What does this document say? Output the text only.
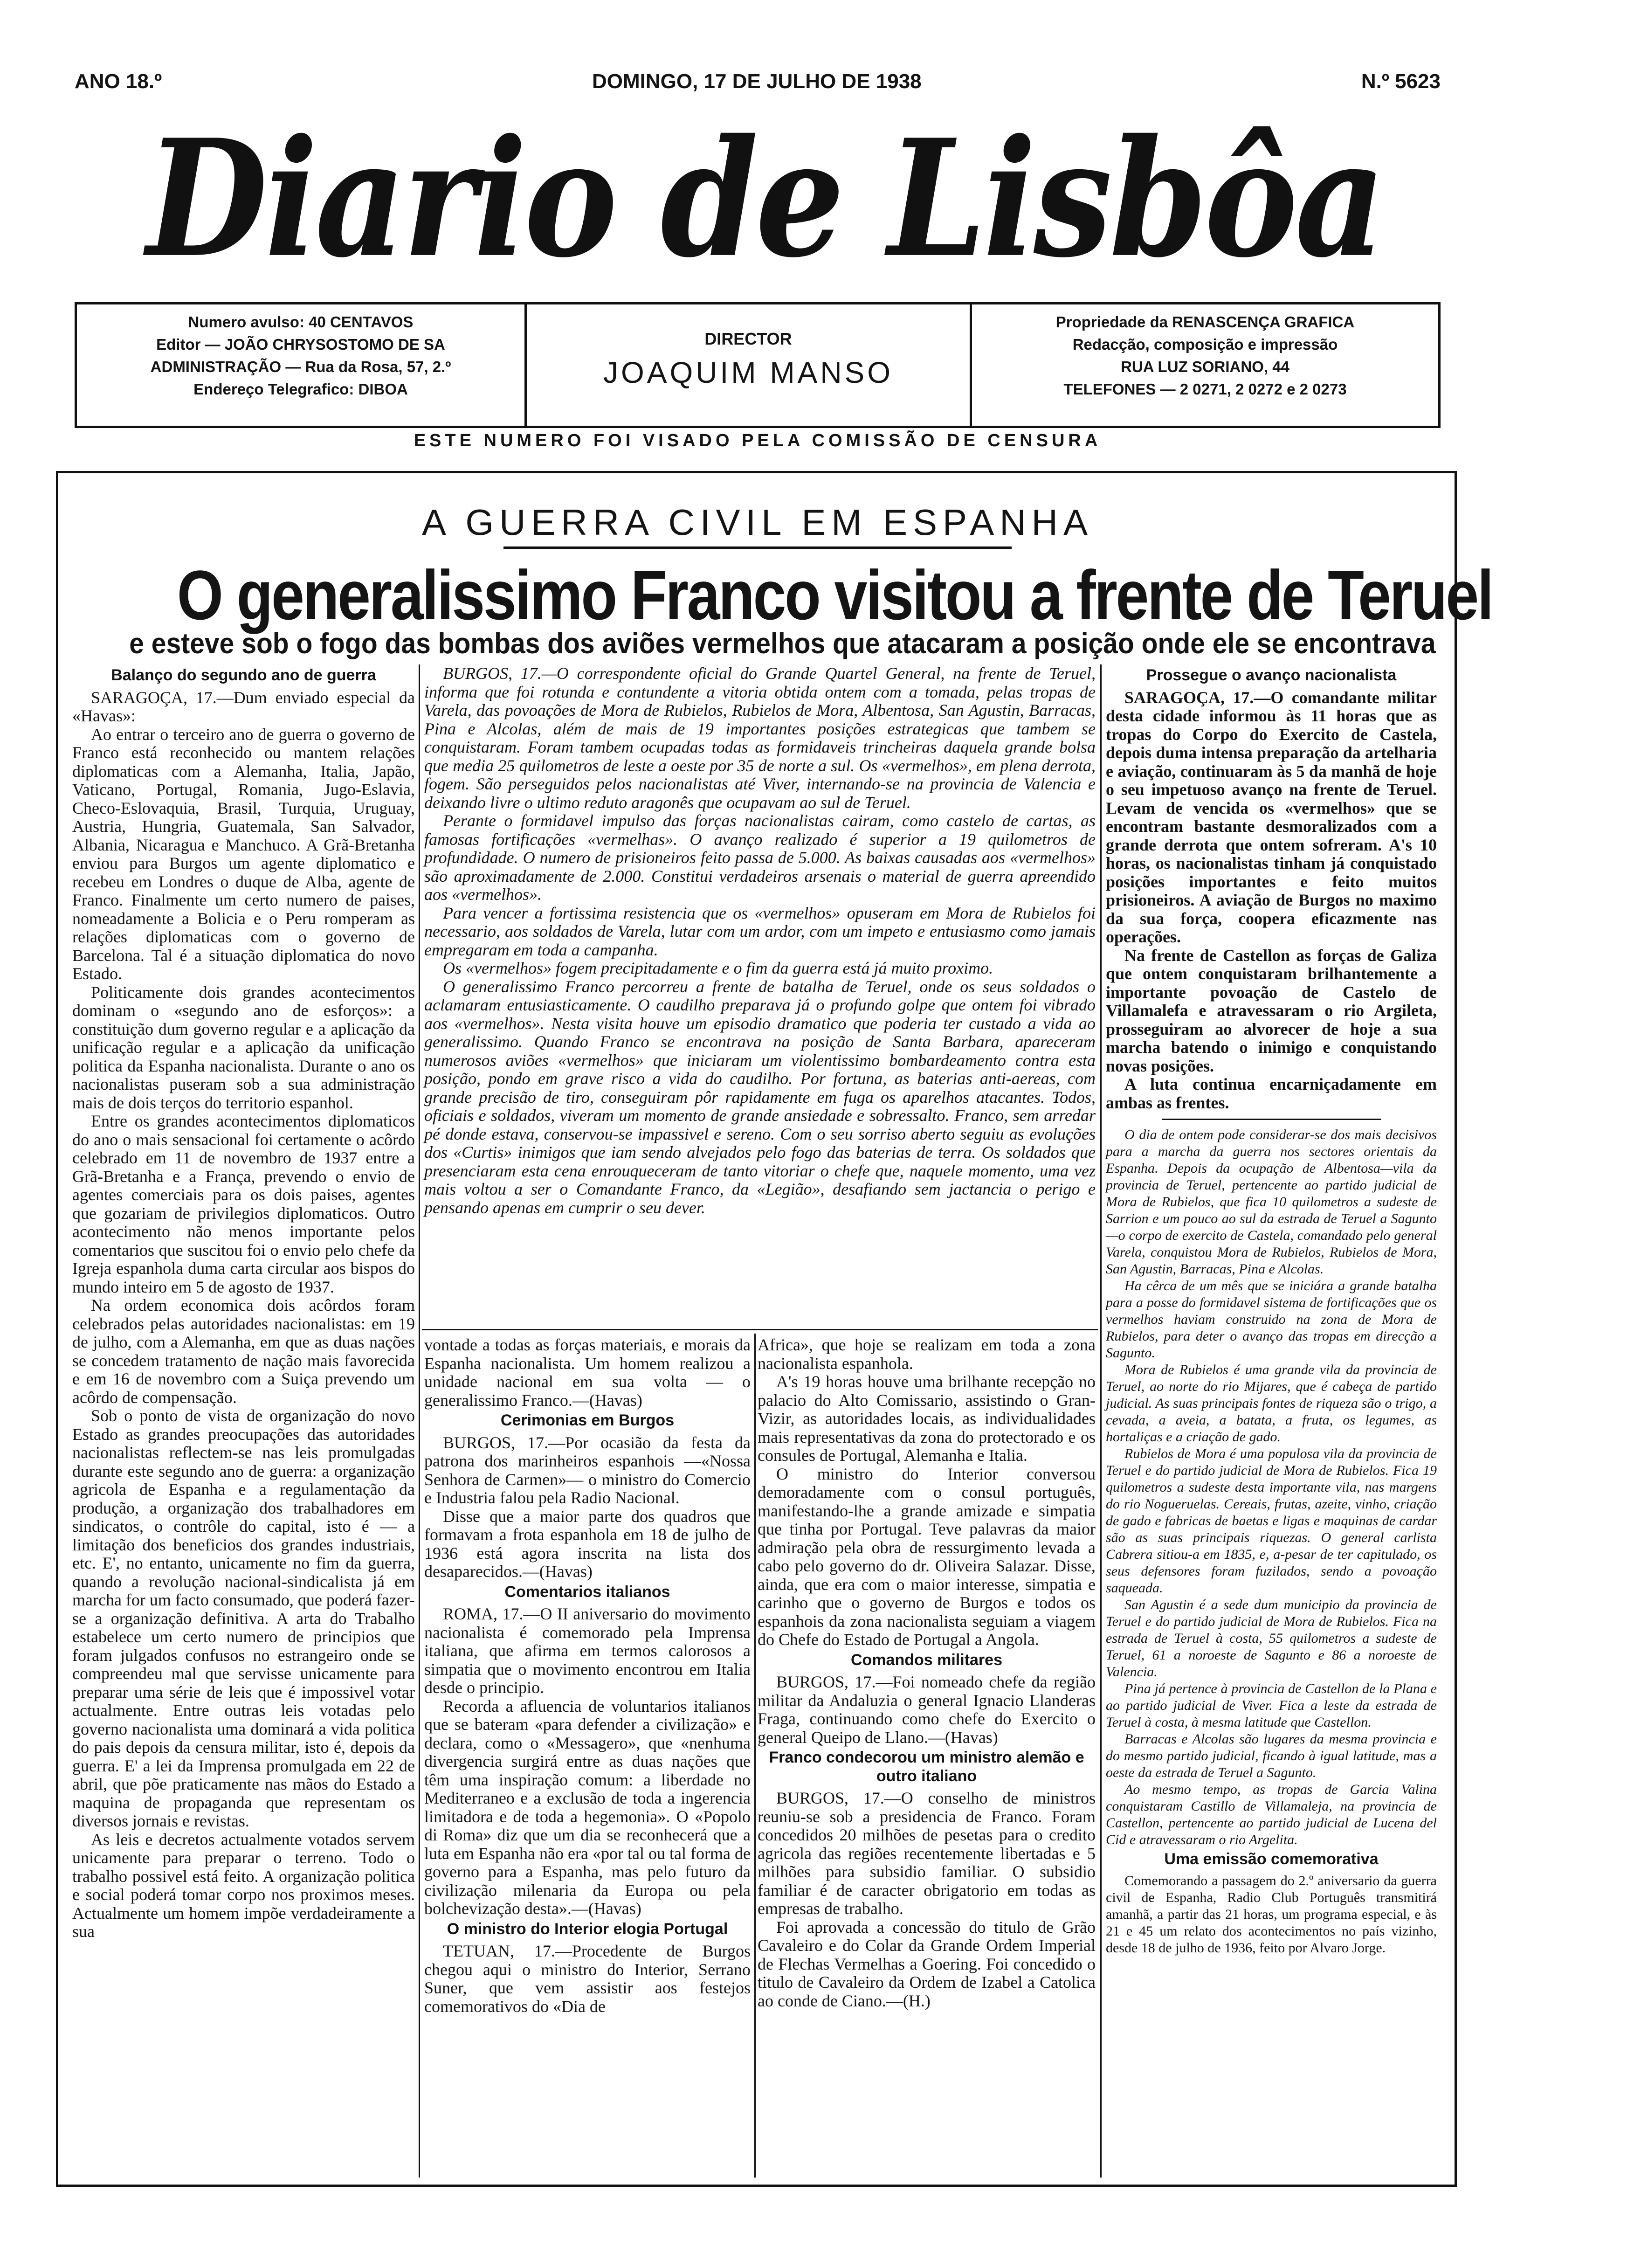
ANO 18.º	DOMINGO, 17 DE JULHO DE 1938	N.º 5623
Diario de Lisbôa
Numero avulso: 40 CENTAVOS
Editor — JOÃO CHRYSOSTOMO DE SA
ADMINISTRAÇÃO — Rua da Rosa, 57, 2.º
Endereço Telegrafico: DIBOA
DIRECTOR
JOAQUIM MANSO
Propriedade da RENASCENÇA GRAFICA
Redacção, composição e impressão
RUA LUZ SORIANO, 44
TELEFONES — 2 0271, 2 0272 e 2 0273
ESTE NUMERO FOI VISADO PELA COMISSÃO DE CENSURA
A GUERRA CIVIL EM ESPANHA
O generalissimo Franco visitou a frente de Teruel
e esteve sob o fogo das bombas dos aviões vermelhos que atacaram a posição onde ele se encontrava
Balanço do segundo ano de guerra

SARAGOÇA, 17.—Dum enviado especial da «Havas»:

Ao entrar o terceiro ano de guerra o governo de Franco está reconhecido ou mantem relações diplomaticas com a Alemanha, Italia, Japão, Vaticano, Portugal, Romania, Jugo-Eslavia, Checo-Eslovaquia, Brasil, Turquia, Uruguay, Austria, Hungria, Guatemala, San Salvador, Albania, Nicaragua e Manchuco. A Grã-Bretanha enviou para Burgos um agente diplomatico e recebeu em Londres o duque de Alba, agente de Franco. Finalmente um certo numero de paises, nomeadamente a Bolicia e o Peru romperam as relações diplomaticas com o governo de Barcelona. Tal é a situação diplomatica do novo Estado.

Politicamente dois grandes acontecimentos dominam o «segundo ano de esforços»: a constituição dum governo regular e a aplicação da unificação regular e a aplicação da unificação politica da Espanha nacionalista. Durante o ano os nacionalistas puseram sob a sua administração mais de dois terços do territorio espanhol.

Entre os grandes acontecimentos diplomaticos do ano o mais sensacional foi certamente o acôrdo celebrado em 11 de novembro de 1937 entre a Grã-Bretanha e a França, prevendo o envio de agentes comerciais para os dois paises, agentes que gozariam de privilegios diplomaticos. Outro acontecimento não menos importante pelos comentarios que suscitou foi o envio pelo chefe da Igreja espanhola duma carta circular aos bispos do mundo inteiro em 5 de agosto de 1937.

Na ordem economica dois acôrdos foram celebrados pelas autoridades nacionalistas: em 19 de julho, com a Alemanha, em que as duas nações se concedem tratamento de nação mais favorecida e em 16 de novembro com a Suiça prevendo um acôrdo de compensação.

Sob o ponto de vista de organização do novo Estado as grandes preocupações das autoridades nacionalistas reflectem-se nas leis promulgadas durante este segundo ano de guerra: a organização agricola de Espanha e a regulamentação da produção, a organização dos trabalhadores em sindicatos, o contrôle do capital, isto é — a limitação dos beneficios dos grandes industriais, etc. E', no entanto, unicamente no fim da guerra, quando a revolução nacional-sindicalista já em marcha for um facto consumado, que poderá fazer-se a organização definitiva. A arta do Trabalho estabelece um certo numero de principios que foram julgados confusos no estrangeiro onde se compreendeu mal que servisse unicamente para preparar uma série de leis que é impossivel votar actualmente. Entre outras leis votadas pelo governo nacionalista uma dominará a vida politica do pais depois da censura militar, isto é, depois da guerra. E' a lei da Imprensa promulgada em 22 de abril, que põe praticamente nas mãos do Estado a maquina de propaganda que representam os diversos jornais e revistas.

As leis e decretos actualmente votados servem unicamente para preparar o terreno. Todo o trabalho possivel está feito. A organização politica e social poderá tomar corpo nos proximos meses. Actualmente um homem impõe verdadeiramente a sua

BURGOS, 17.—O correspondente oficial do Grande Quartel General, na frente de Teruel, informa que foi rotunda e contundente a vitoria obtida ontem com a tomada, pelas tropas de Varela, das povoações de Mora de Rubielos, Rubielos de Mora, Albentosa, San Agustin, Barracas, Pina e Alcolas, além de mais de 19 importantes posições estrategicas que tambem se conquistaram. Foram tambem ocupadas todas as formidaveis trincheiras daquela grande bolsa que media 25 quilometros de leste a oeste por 35 de norte a sul. Os «vermelhos», em plena derrota, fogem. São perseguidos pelos nacionalistas até Viver, internando-se na provincia de Valencia e deixando livre o ultimo reduto aragonês que ocupavam ao sul de Teruel.

Perante o formidavel impulso das forças nacionalistas cairam, como castelo de cartas, as famosas fortificações «vermelhas». O avanço realizado é superior a 19 quilometros de profundidade. O numero de prisioneiros feito passa de 5.000. As baixas causadas aos «vermelhos» são aproximadamente de 2.000. Constitui verdadeiros arsenais o material de guerra apreendido aos «vermelhos».

Para vencer a fortissima resistencia que os «vermelhos» opuseram em Mora de Rubielos foi necessario, aos soldados de Varela, lutar com um ardor, com um impeto e entusiasmo como jamais empregaram em toda a campanha.

Os «vermelhos» fogem precipitadamente e o fim da guerra está já muito proximo.

O generalissimo Franco percorreu a frente de batalha de Teruel, onde os seus soldados o aclamaram entusiasticamente. O caudilho preparava já o profundo golpe que ontem foi vibrado aos «vermelhos». Nesta visita houve um episodio dramatico que poderia ter custado a vida ao generalissimo. Quando Franco se encontrava na posição de Santa Barbara, apareceram numerosos aviões «vermelhos» que iniciaram um violentissimo bombardeamento contra esta posição, pondo em grave risco a vida do caudilho. Por fortuna, as baterias anti-aereas, com grande precisão de tiro, conseguiram pôr rapidamente em fuga os aparelhos atacantes. Todos, oficiais e soldados, viveram um momento de grande ansiedade e sobressalto. Franco, sem arredar pé donde estava, conservou-se impassivel e sereno. Com o seu sorriso aberto seguiu as evoluções dos «Curtis» inimigos que iam sendo alvejados pelo fogo das baterias de terra. Os soldados que presenciaram esta cena enrouqueceram de tanto vitoriar o chefe que, naquele momento, uma vez mais voltou a ser o Comandante Franco, da «Legião», desafiando sem jactancia o perigo e pensando apenas em cumprir o seu dever.

vontade a todas as forças materiais, e morais da Espanha nacionalista. Um homem realizou a unidade nacional em sua volta — o generalissimo Franco.—(Havas)

Cerimonias em Burgos

BURGOS, 17.—Por ocasião da festa da patrona dos marinheiros espanhois —«Nossa Senhora de Carmen»— o ministro do Comercio e Industria falou pela Radio Nacional.

Disse que a maior parte dos quadros que formavam a frota espanhola em 18 de julho de 1936 está agora inscrita na lista dos desaparecidos.—(Havas)

Comentarios italianos

ROMA, 17.—O II aniversario do movimento nacionalista é comemorado pela Imprensa italiana, que afirma em termos calorosos a simpatia que o movimento encontrou em Italia desde o principio.

Recorda a afluencia de voluntarios italianos que se bateram «para defender a civilização» e declara, como o «Messagero», que «nenhuma divergencia surgirá entre as duas nações que têm uma inspiração comum: a liberdade no Mediterraneo e a exclusão de toda a ingerencia limitadora e de toda a hegemonia». O «Popolo di Roma» diz que um dia se reconhecerá que a luta em Espanha não era «por tal ou tal forma de governo para a Espanha, mas pelo futuro da civilização milenaria da Europa ou pela bolchevização desta».—(Havas)

O ministro do Interior elogia Portugal

TETUAN, 17.—Procedente de Burgos chegou aqui o ministro do Interior, Serrano Suner, que vem assistir aos festejos comemorativos do «Dia de

Africa», que hoje se realizam em toda a zona nacionalista espanhola.

A's 19 horas houve uma brilhante recepção no palacio do Alto Comissario, assistindo o Gran-Vizir, as autoridades locais, as individualidades mais representativas da zona do protectorado e os consules de Portugal, Alemanha e Italia.

O ministro do Interior conversou demoradamente com o consul português, manifestando-lhe a grande amizade e simpatia que tinha por Portugal. Teve palavras da maior admiração pela obra de ressurgimento levada a cabo pelo governo do dr. Oliveira Salazar. Disse, ainda, que era com o maior interesse, simpatia e carinho que o governo de Burgos e todos os espanhois da zona nacionalista seguiam a viagem do Chefe do Estado de Portugal a Angola.

Comandos militares

BURGOS, 17.—Foi nomeado chefe da região militar da Andaluzia o general Ignacio Llanderas Fraga, continuando como chefe do Exercito o general Queipo de Llano.—(Havas)

Franco condecorou um ministro alemão e outro italiano

BURGOS, 17.—O conselho de ministros reuniu-se sob a presidencia de Franco. Foram concedidos 20 milhões de pesetas para o credito agricola das regiões recentemente libertadas e 5 milhões para subsidio familiar. O subsidio familiar é de caracter obrigatorio em todas as empresas de trabalho.

Foi aprovada a concessão do titulo de Grão Cavaleiro e do Colar da Grande Ordem Imperial de Flechas Vermelhas a Goering. Foi concedido o titulo de Cavaleiro da Ordem de Izabel a Catolica ao conde de Ciano.—(H.)

Prossegue o avanço nacionalista

SARAGOÇA, 17.—O comandante militar desta cidade informou às 11 horas que as tropas do Corpo do Exercito de Castela, depois duma intensa preparação da artelharia e aviação, continuaram às 5 da manhã de hoje o seu impetuoso avanço na frente de Teruel. Levam de vencida os «vermelhos» que se encontram bastante desmoralizados com a grande derrota que ontem sofreram. A's 10 horas, os nacionalistas tinham já conquistado posições importantes e feito muitos prisioneiros. A aviação de Burgos no maximo da sua força, coopera eficazmente nas operações.

Na frente de Castellon as forças de Galiza que ontem conquistaram brilhantemente a importante povoação de Castelo de Villamalefa e atravessaram o rio Argileta, prosseguiram ao alvorecer de hoje a sua marcha batendo o inimigo e conquistando novas posições.

A luta continua encarniçadamente em ambas as frentes.

O dia de ontem pode considerar-se dos mais decisivos para a marcha da guerra nos sectores orientais da Espanha. Depois da ocupação de Albentosa—vila da provincia de Teruel, pertencente ao partido judicial de Mora de Rubielos, que fica 10 quilometros a sudeste de Sarrion e um pouco ao sul da estrada de Teruel a Sagunto—o corpo de exercito de Castela, comandado pelo general Varela, conquistou Mora de Rubielos, Rubielos de Mora, San Agustin, Barracas, Pina e Alcolas.

Ha cêrca de um mês que se iniciára a grande batalha para a posse do formidavel sistema de fortificações que os vermelhos haviam construido na zona de Mora de Rubielos, para deter o avanço das tropas em direcção a Sagunto.

Mora de Rubielos é uma grande vila da provincia de Teruel, ao norte do rio Mijares, que é cabeça de partido judicial. As suas principais fontes de riqueza são o trigo, a cevada, a aveia, a batata, a fruta, os legumes, as hortaliças e a criação de gado.

Rubielos de Mora é uma populosa vila da provincia de Teruel e do partido judicial de Mora de Rubielos. Fica 19 quilometros a sudeste desta importante vila, nas margens do rio Nogueruelas. Cereais, frutas, azeite, vinho, criação de gado e fabricas de baetas e ligas e maquinas de cardar são as suas principais riquezas. O general carlista Cabrera sitiou-a em 1835, e, a-pesar de ter capitulado, os seus defensores foram fuzilados, sendo a povoação saqueada.

San Agustin é a sede dum municipio da provincia de Teruel e do partido judicial de Mora de Rubielos. Fica na estrada de Teruel à costa, 55 quilometros a sudeste de Teruel, 61 a noroeste de Sagunto e 86 a noroeste de Valencia.

Pina já pertence à provincia de Castellon de la Plana e ao partido judicial de Viver. Fica a leste da estrada de Teruel à costa, à mesma latitude que Castellon.

Barracas e Alcolas são lugares da mesma provincia e do mesmo partido judicial, ficando à igual latitude, mas a oeste da estrada de Teruel a Sagunto.

Ao mesmo tempo, as tropas de Garcia Valina conquistaram Castillo de Villamaleja, na provincia de Castellon, pertencente ao partido judicial de Lucena del Cid e atravessaram o rio Argelita.

Uma emissão comemorativa

Comemorando a passagem do 2.º aniversario da guerra civil de Espanha, Radio Club Português transmitirá amanhã, a partir das 21 horas, um programa especial, e às 21 e 45 um relato dos acontecimentos no país vizinho, desde 18 de julho de 1936, feito por Alvaro Jorge.
